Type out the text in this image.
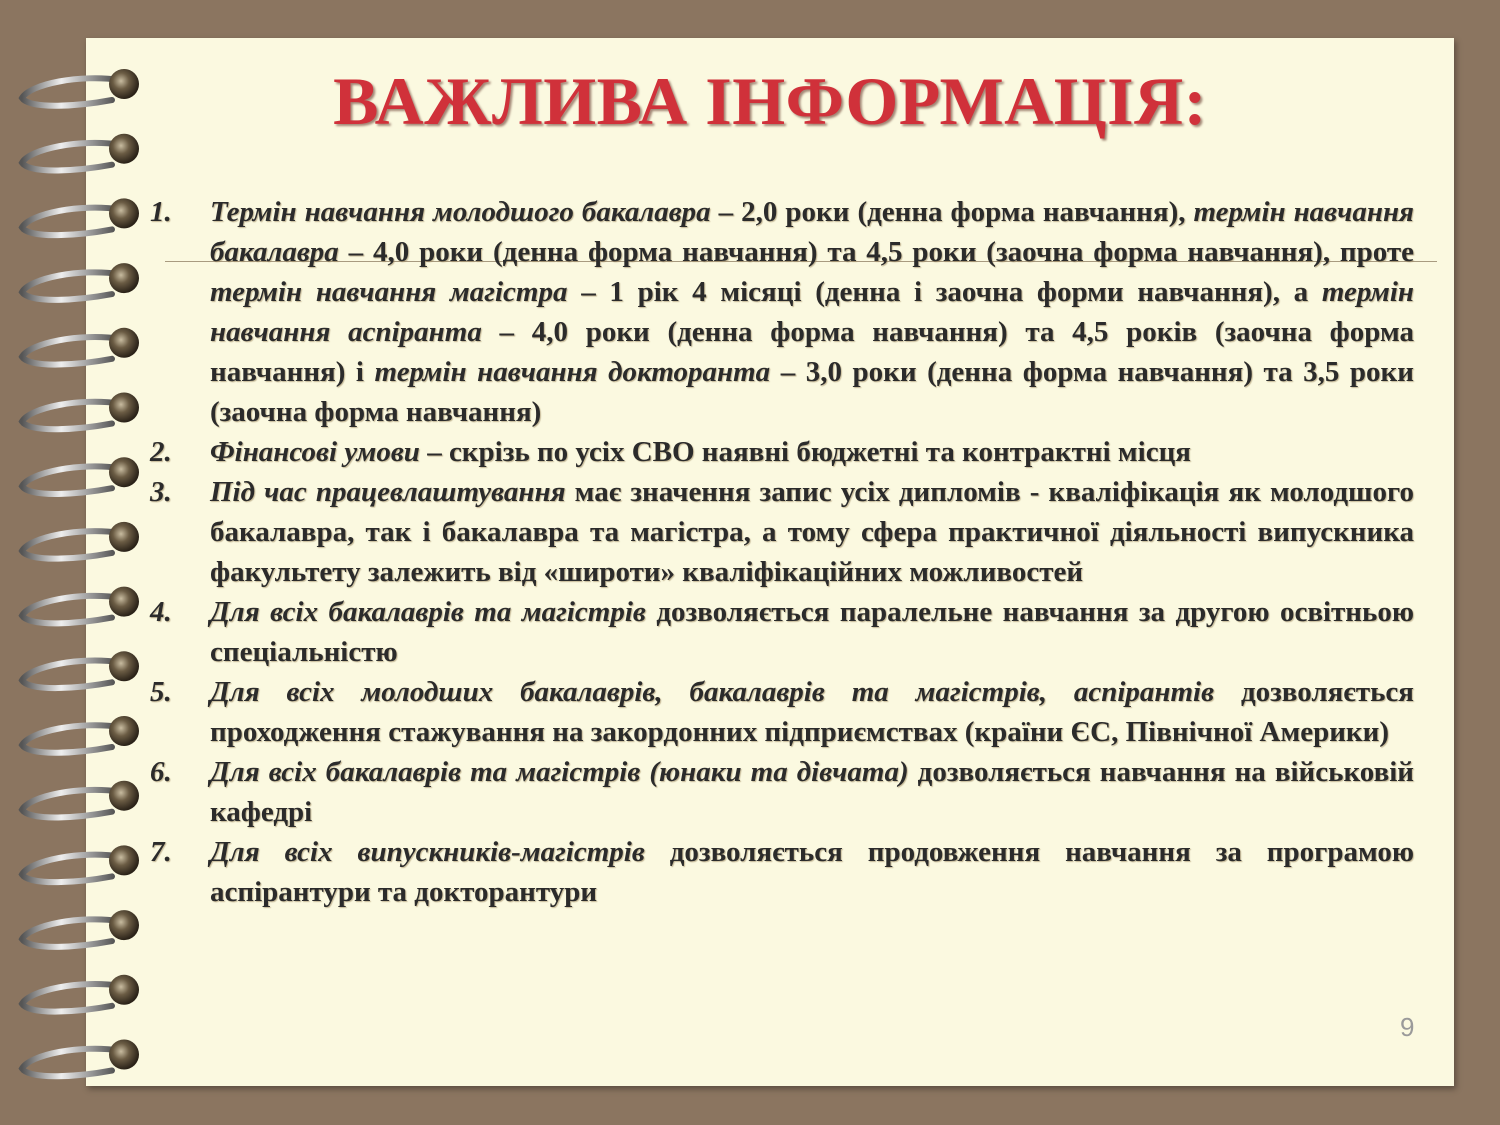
ВАЖЛИВА ІНФОРМАЦІЯ:
1. Термін навчання молодшого бакалавра – 2,0 роки (денна форма навчання), термін навчання бакалавра – 4,0 роки (денна форма навчання) та 4,5 роки (заочна форма навчання), проте термін навчання магістра – 1 рік 4 місяці (денна і заочна форми навчання), а термін навчання аспіранта – 4,0 роки (денна форма навчання) та 4,5 років (заочна форма навчання) і термін навчання докторанта – 3,0 роки (денна форма навчання) та 3,5 роки (заочна форма навчання)
2. Фінансові умови – скрізь по усіх СВО наявні бюджетні та контрактні місця
3. Під час працевлаштування має значення запис усіх дипломів - кваліфікація як молодшого бакалавра, так і бакалавра та магістра, а тому сфера практичної діяльності випускника факультету залежить від «широти» кваліфікаційних можливостей
4. Для всіх бакалаврів та магістрів дозволяється паралельне навчання за другою освітньою спеціальністю
5. Для всіх молодших бакалаврів, бакалаврів та магістрів, аспірантів дозволяється проходження стажування на закордонних підприємствах (країни ЄС, Північної Америки)
6. Для всіх бакалаврів та магістрів (юнаки та дівчата) дозволяється навчання на військовій кафедрі
7. Для всіх випускників-магістрів дозволяється продовження навчання за програмою аспірантури та докторантури
9
